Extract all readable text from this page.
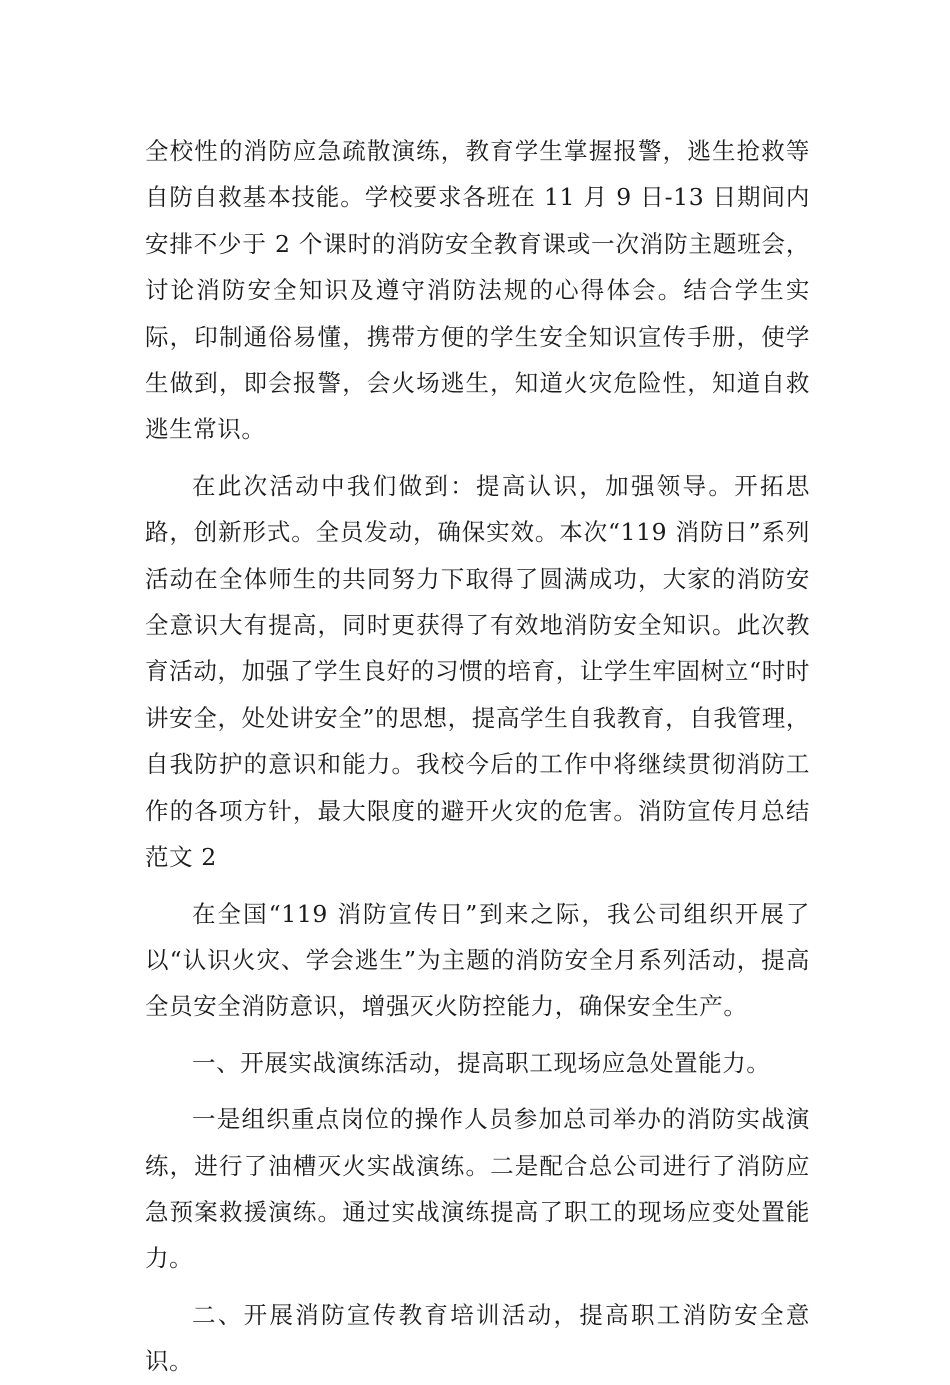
全校性的消防应急疏散演练，教育学生掌握报警，逃生抢救等自防自救基本技能。学校要求各班在 11 月 9 日-13 日期间内安排不少于 2 个课时的消防安全教育课或一次消防主题班会，讨论消防安全知识及遵守消防法规的心得体会。结合学生实际，印制通俗易懂，携带方便的学生安全知识宣传手册，使学生做到，即会报警，会火场逃生，知道火灾危险性，知道自救逃生常识。

在此次活动中我们做到：提高认识，加强领导。开拓思路，创新形式。全员发动，确保实效。本次“119 消防日”系列活动在全体师生的共同努力下取得了圆满成功，大家的消防安全意识大有提高，同时更获得了有效地消防安全知识。此次教育活动，加强了学生良好的习惯的培育，让学生牢固树立“时时讲安全，处处讲安全”的思想，提高学生自我教育，自我管理，自我防护的意识和能力。我校今后的工作中将继续贯彻消防工作的各项方针，最大限度的避开火灾的危害。消防宣传月总结范文 2

在全国“119 消防宣传日”到来之际，我公司组织开展了以“认识火灾、学会逃生”为主题的消防安全月系列活动，提高全员安全消防意识，增强灭火防控能力，确保安全生产。

一、开展实战演练活动，提高职工现场应急处置能力。

一是组织重点岗位的操作人员参加总司举办的消防实战演练，进行了油槽灭火实战演练。二是配合总公司进行了消防应急预案救援演练。通过实战演练提高了职工的现场应变处置能力。

二、开展消防宣传教育培训活动，提高职工消防安全意识。
